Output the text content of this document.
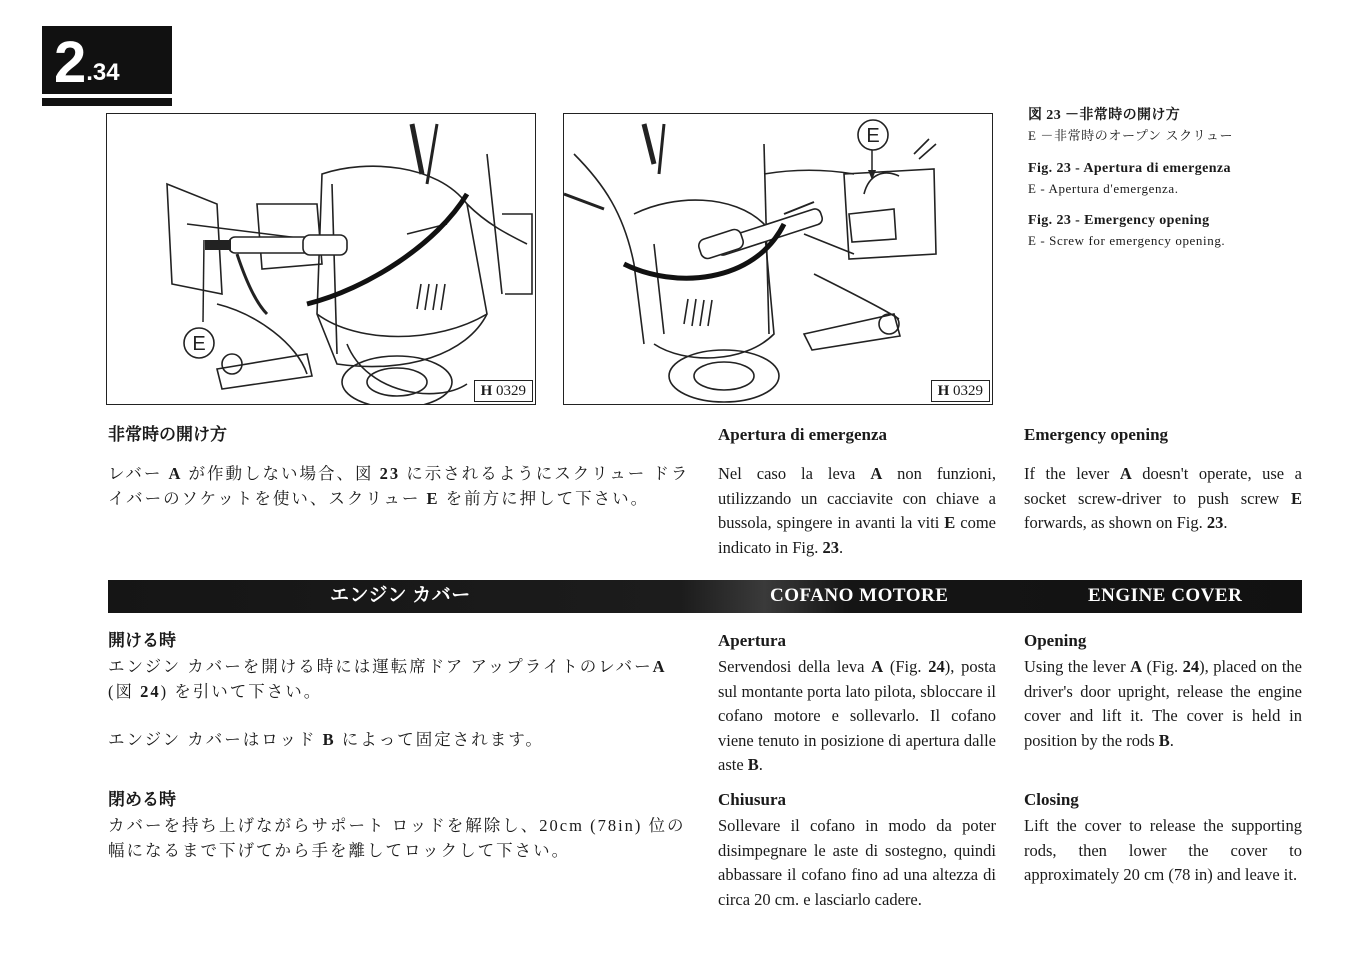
2 .34
E
H 0329
E
H 0329
図 23 －非常時の開け方
E －非常時のオープン スクリュー
Fig. 23 - Apertura di emergenza
E - Apertura d'emergenza.
Fig. 23 - Emergency opening
E - Screw for emergency opening.
非常時の開け方	Apertura di emergenza	Emergency opening
レバー A が作動しない場合、図 23 に示されるようにスクリュー ドライバーのソケットを使い、スクリュー E を前方に押して下さい。
Nel caso la leva A non funzioni, utilizzando un cacciavite con chiave a bussola, spingere in avanti la viti E come indicato in Fig. 23.
If the lever A doesn't operate, use a socket screw-driver to push screw E forwards, as shown on Fig. 23.
エンジン カバー	COFANO MOTORE	ENGINE COVER
開ける時	Apertura	Opening
エンジン カバーを開ける時には運転席ドア アップライトのレバーA (図 24) を引いて下さい。
エンジン カバーはロッド B によって固定されます。
Servendosi della leva A (Fig. 24), posta sul montante porta lato pilota, sbloccare il cofano motore e sollevarlo. Il cofano viene tenuto in posizione di apertura dalle aste B.
Using the lever A (Fig. 24), placed on the driver's door upright, release the engine cover and lift it. The cover is held in position by the rods B.
閉める時	Chiusura	Closing
カバーを持ち上げながらサポート ロッドを解除し、20cm (78in) 位の幅になるまで下げてから手を離してロックして下さい。
Sollevare il cofano in modo da poter disimpegnare le aste di sostegno, quindi abbassare il cofano fino ad una altezza di circa 20 cm. e lasciarlo cadere.
Lift the cover to release the supporting rods, then lower the cover to approximately 20 cm (78 in) and leave it.
